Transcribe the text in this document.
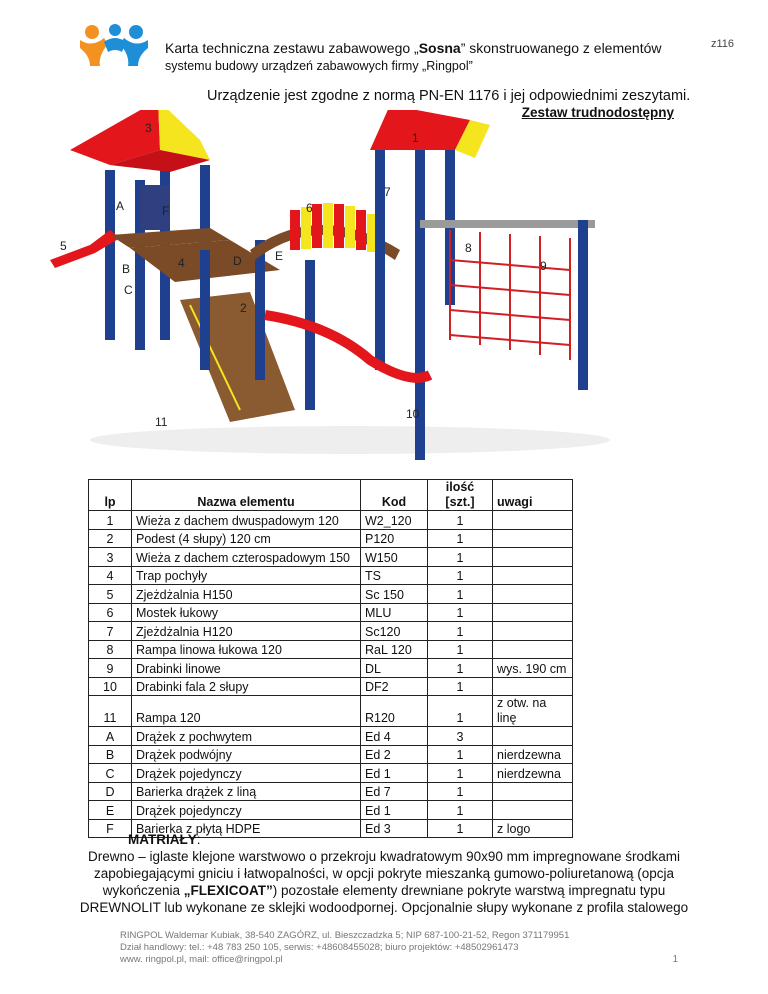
z116
Karta techniczna zestawu zabawowego „Sosna” skonstruowanego z elementów
systemu budowy urządzeń zabawowych firmy „Ringpol”
Urządzenie jest zgodne z normą PN-EN 1176 i jej odpowiednimi zeszytami.
Zestaw trudnodostępny
1
2
3
4
5
6
7
8
9
10
11
A
B
C
D	E
F
lp	Nazwa elementu	Kod	ilość [szt.]	uwagi
1	Wieża z dachem dwuspadowym 120	W2_120	1	
2	Podest (4 słupy) 120 cm	P120	1	
3	Wieża z dachem czterospadowym 150	W150	1	
4	Trap pochyły	TS	1	
5	Zjeżdżalnia H150	Sc 150	1	
6	Mostek łukowy	MLU	1	
7	Zjeżdżalnia H120	Sc120	1	
8	Rampa linowa łukowa 120	RaL 120	1	
9	Drabinki linowe	DL	1	wys. 190 cm
10	Drabinki fala 2 słupy	DF2	1	
11	Rampa 120	R120	1	z otw. na linę
A	Drążek z pochwytem	Ed 4	3	
B	Drążek podwójny	Ed 2	1	nierdzewna
C	Drążek pojedynczy	Ed 1	1	nierdzewna
D	Barierka drążek z liną	Ed 7	1	
E	Drążek pojedynczy	Ed 1	1	
F	Barierka z płytą HDPE	Ed 3	1	z logo
MATRIAŁY:
Drewno – iglaste klejone warstwowo o przekroju kwadratowym 90x90 mm impregnowane środkami zapobiegającymi gniciu i łatwopalności, w opcji pokryte mieszanką gumowo-poliuretanową (opcja wykończenia „FLEXICOAT”) pozostałe elementy drewniane pokryte warstwą impregnatu typu DREWNOLIT lub wykonane ze sklejki wodoodpornej. Opcjonalnie słupy wykonane z profila stalowego
RINGPOL Waldemar Kubiak, 38-540 ZAGÓRZ, ul. Bieszczadzka 5; NIP 687-100-21-52, Regon 371179951
Dział handlowy: tel.: +48 783 250 105, serwis: +48608455028; biuro projektów: +48502961473
www. ringpol.pl, mail: office@ringpol.pl	1
